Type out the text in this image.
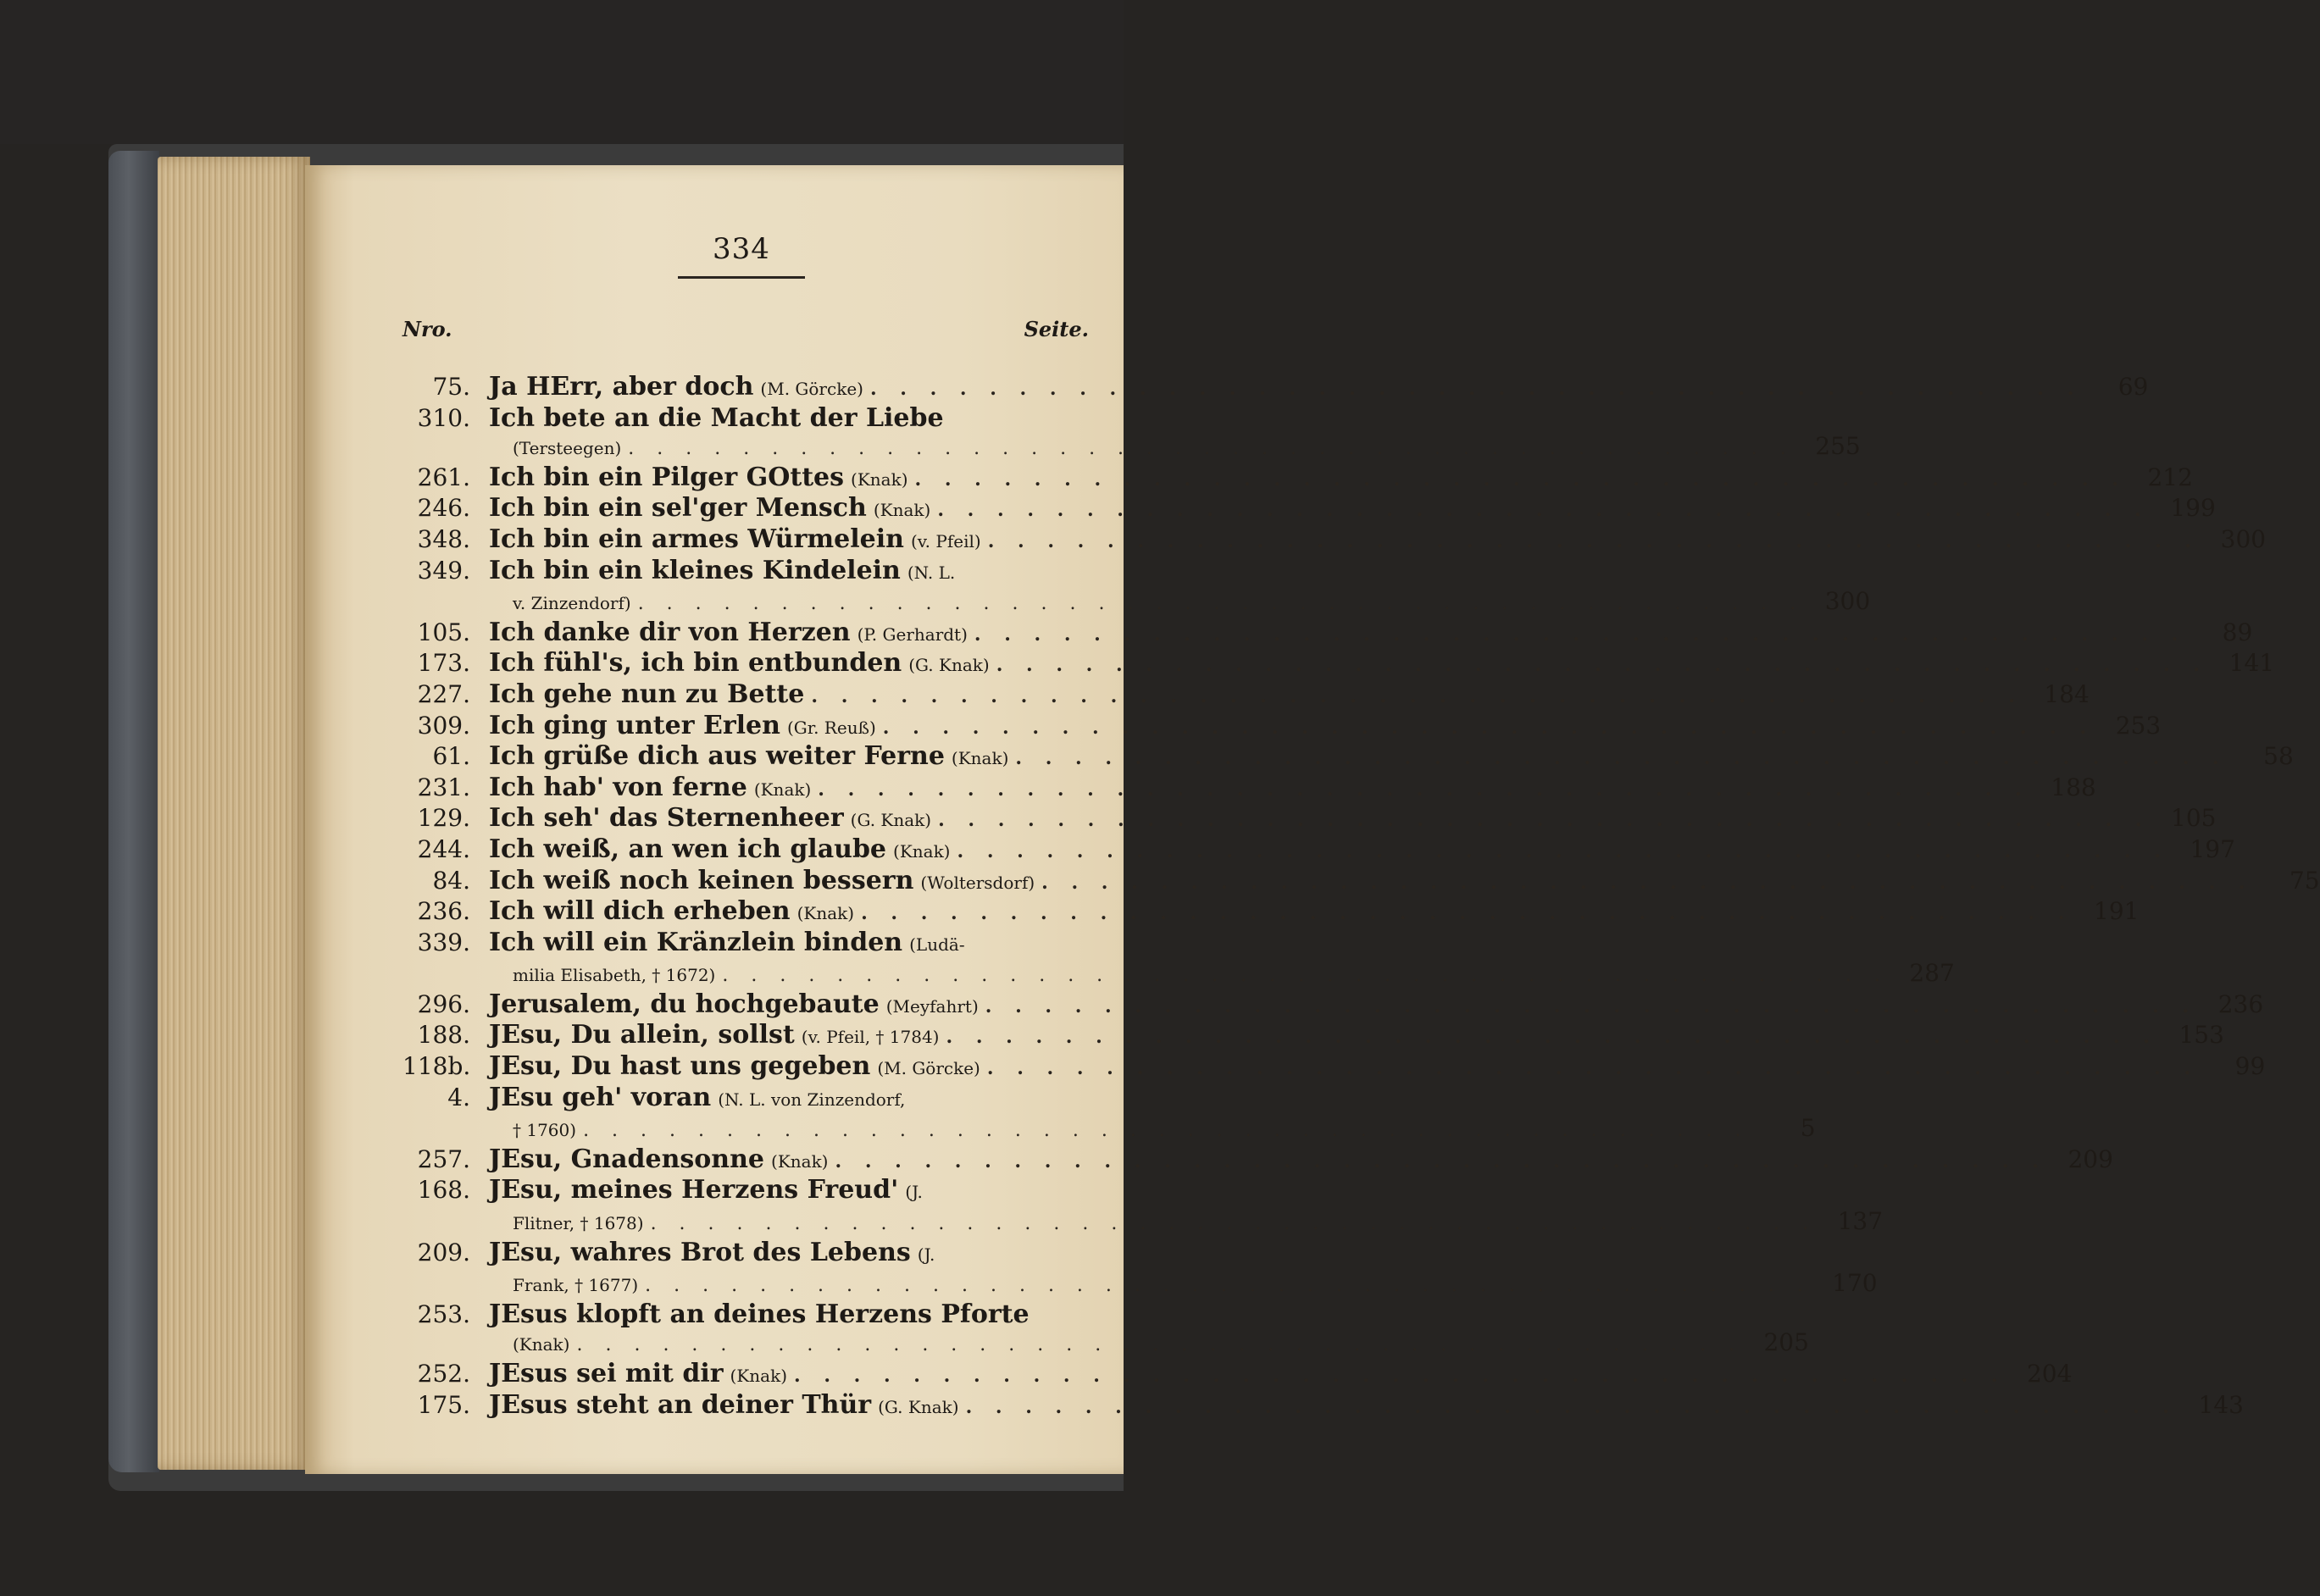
334
Nro.	Seite.
75. Ja HErr, aber doch (M. Görcke) . . .	69
310. Ich bete an die Macht der Liebe
(Tersteegen) . . .	255
261. Ich bin ein Pilger GOttes (Knak) . . .	212
246. Ich bin ein sel'ger Mensch (Knak) . . .	199
348. Ich bin ein armes Würmelein (v. Pfeil) . . .	300
349. Ich bin ein kleines Kindelein (N. L.
v. Zinzendorf) . . .	300
105. Ich danke dir von Herzen (P. Gerhardt) . . .	89
173. Ich fühl's, ich bin entbunden (G. Knak) . . .	141
227. Ich gehe nun zu Bette . . .	184
309. Ich ging unter Erlen (Gr. Reuß) . . .	253
61. Ich grüße dich aus weiter Ferne (Knak) . . .	58
231. Ich hab' von ferne (Knak) . . .	188
129. Ich seh' das Sternenheer (G. Knak) . . .	105
244. Ich weiß, an wen ich glaube (Knak) . . .	197
84. Ich weiß noch keinen bessern (Woltersdorf) . . .	75
236. Ich will dich erheben (Knak) . . .	191
339. Ich will ein Kränzlein binden (Ludä-
milia Elisabeth, † 1672) . . .	287
296. Jerusalem, du hochgebaute (Meyfahrt) . . .	236
188. JEsu, Du allein, sollst (v. Pfeil, † 1784) . . .	153
118b. JEsu, Du hast uns gegeben (M. Görcke) . . .	99
4. JEsu geh' voran (N. L. von Zinzendorf,
† 1760) . . .	5
257. JEsu, Gnadensonne (Knak) . . .	209
168. JEsu, meines Herzens Freud' (J.
Flitner, † 1678) . . .	137
209. JEsu, wahres Brot des Lebens (J.
Frank, † 1677) . . .	170
253. JEsus klopft an deines Herzens Pforte
(Knak) . . .	205
252. JEsus sei mit dir (Knak) . . .	204
175. JEsus steht an deiner Thür (G. Knak) . . .	143
